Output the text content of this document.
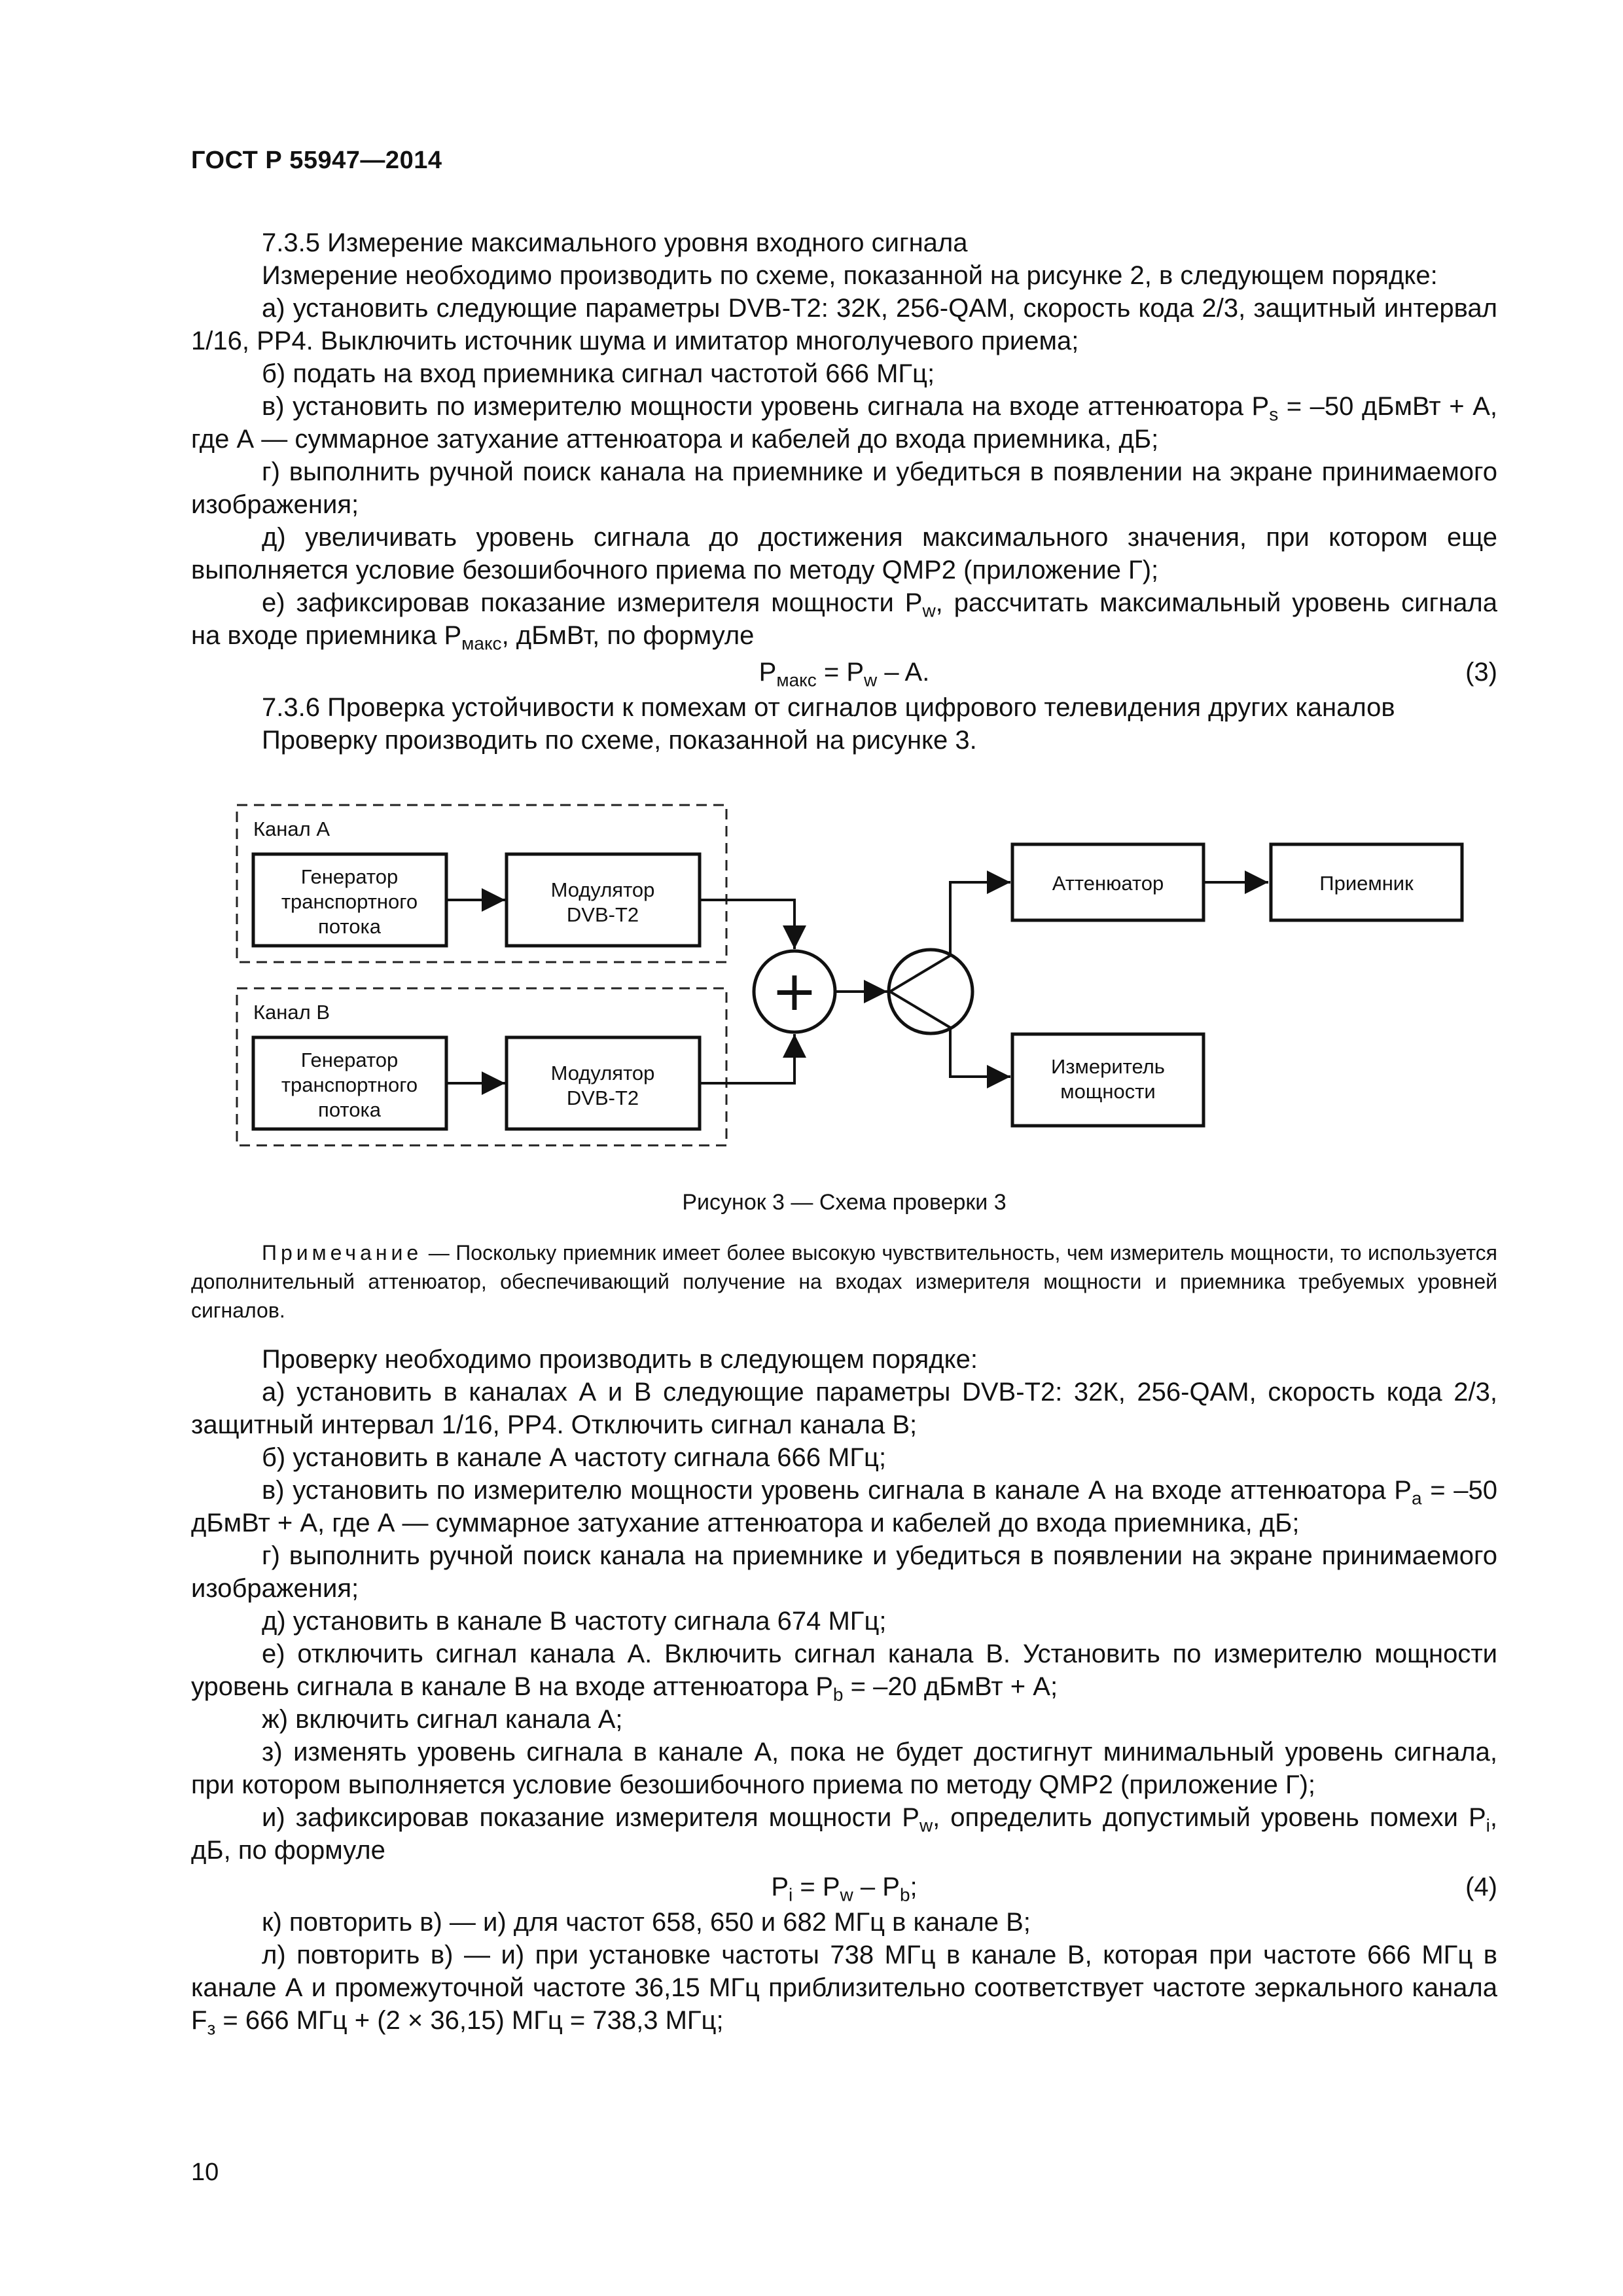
ГОСТ Р 55947—2014

7.3.5 Измерение максимального уровня входного сигнала

Измерение необходимо производить по схеме, показанной на рисунке 2, в следующем порядке:

а) установить следующие параметры DVB-T2: 32К, 256-QAM, скорость кода 2/3, защитный интервал 1/16, PP4. Выключить источник шума и имитатор многолучевого приема;

б) подать на вход приемника сигнал частотой 666 МГц;

в) установить по измерителю мощности уровень сигнала на входе аттенюатора $P_s = -50$ дБмВт + А, где А — суммарное затухание аттенюатора и кабелей до входа приемника, дБ;

г) выполнить ручной поиск канала на приемнике и убедиться в появлении на экране принимаемого изображения;

д) увеличивать уровень сигнала до достижения максимального значения, при котором еще выполняется условие безошибочного приема по методу QMP2 (приложение Г);

е) зафиксировав показание измерителя мощности $P_w$, рассчитать максимальный уровень сигнала на входе приемника $P_{макс}$, дБмВт, по формуле

$P_{макс} = P_w - A$.	(3)

7.3.6 Проверка устойчивости к помехам от сигналов цифрового телевидения других каналов

Проверку производить по схеме, показанной на рисунке 3.

Канал А
Генератор
транспортного
потока
Модулятор
DVB-T2
Канал В
Генератор
транспортного
потока
Модулятор
DVB-T2
+
Аттенюатор	Приемник
Измеритель
мощности
Рисунок 3 — Схема проверки 3

Примечание — Поскольку приемник имеет более высокую чувствительность, чем измеритель мощности, то используется дополнительный аттенюатор, обеспечивающий получение на входах измерителя мощности и приемника требуемых уровней сигналов.

Проверку необходимо производить в следующем порядке:

а) установить в каналах А и В следующие параметры DVB-T2: 32К, 256-QAM, скорость кода 2/3, защитный интервал 1/16, PP4. Отключить сигнал канала В;

б) установить в канале А частоту сигнала 666 МГц;

в) установить по измерителю мощности уровень сигнала в канале А на входе аттенюатора $P_a = -50$ дБмВт + А, где А — суммарное затухание аттенюатора и кабелей до входа приемника, дБ;

г) выполнить ручной поиск канала на приемнике и убедиться в появлении на экране принимаемого изображения;

д) установить в канале В частоту сигнала 674 МГц;

е) отключить сигнал канала А. Включить сигнал канала В. Установить по измерителю мощности уровень сигнала в канале В на входе аттенюатора $P_b = -20$ дБмВт + А;

ж) включить сигнал канала А;

з) изменять уровень сигнала в канале А, пока не будет достигнут минимальный уровень сигнала, при котором выполняется условие безошибочного приема по методу QMP2 (приложение Г);

и) зафиксировав показание измерителя мощности $P_w$, определить допустимый уровень помехи $P_i$, дБ, по формуле

$P_i = P_w - P_b$;	(4)

к) повторить в) — и) для частот 658, 650 и 682 МГц в канале В;

л) повторить в) — и) при установке частоты 738 МГц в канале В, которая при частоте 666 МГц в канале А и промежуточной частоте 36,15 МГц приблизительно соответствует частоте зеркального канала $F_з = 666$ МГц + (2 × 36,15) МГц = 738,3 МГц;

10
